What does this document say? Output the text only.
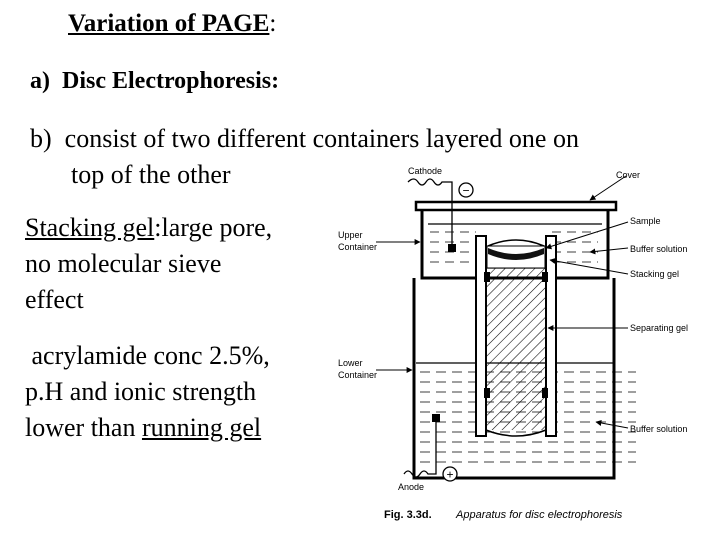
Variation of PAGE:
a) Disc Electrophoresis:
b) consist of two different containers layered one on
top of the other
Stacking gel:large pore,
no molecular sieve
effect
acrylamide conc 2.5%,
p.H and ionic strength
lower than running gel
−
+
Cathode	Cover
Upper
Container
Sample
Buffer solution
Stacking gel
Separating gel
Lower
Container
Buffer solution
Anode
Fig. 3.3d. Apparatus for disc electrophoresis
